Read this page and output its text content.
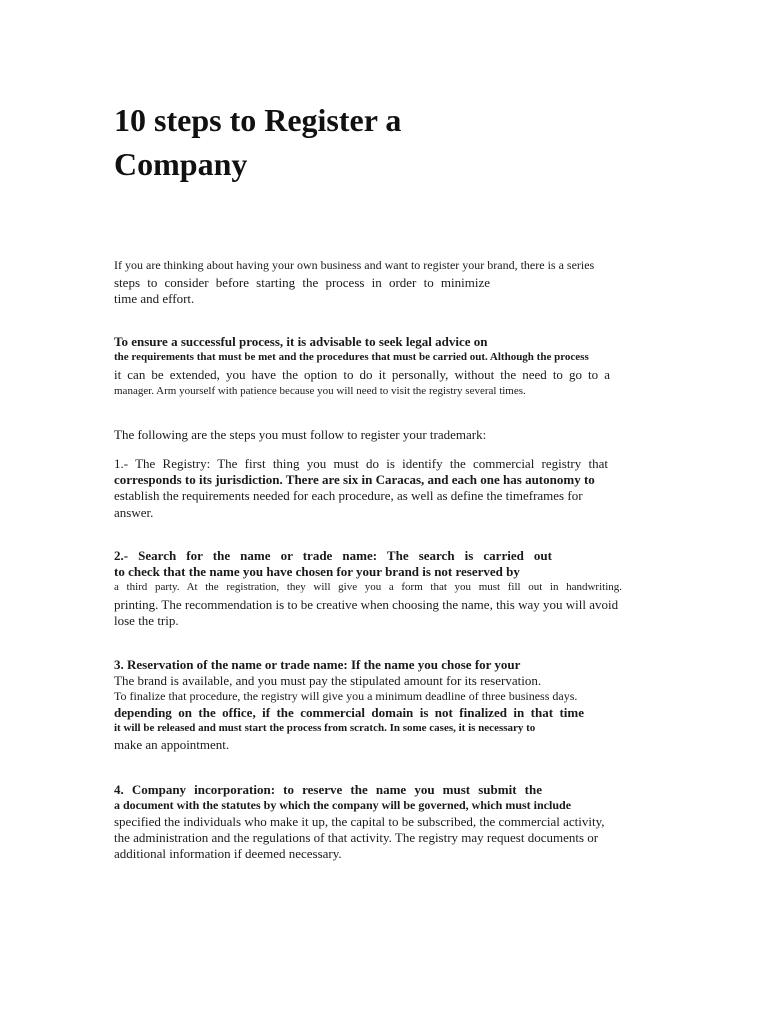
10 steps to Register a Company

If you are thinking about having your own business and want to register your brand, there is a series

steps to consider before starting the process in order to minimize

time and effort.

To ensure a successful process, it is advisable to seek legal advice on

the requirements that must be met and the procedures that must be carried out. Although the process

it can be extended, you have the option to do it personally, without the need to go to a

manager. Arm yourself with patience because you will need to visit the registry several times.

The following are the steps you must follow to register your trademark:

1.- The Registry: The first thing you must do is identify the commercial registry that

corresponds to its jurisdiction. There are six in Caracas, and each one has autonomy to

establish the requirements needed for each procedure, as well as define the timeframes for

answer.

2.- Search for the name or trade name: The search is carried out

to check that the name you have chosen for your brand is not reserved by

a third party. At the registration, they will give you a form that you must fill out in handwriting.

printing. The recommendation is to be creative when choosing the name, this way you will avoid

lose the trip.

3. Reservation of the name or trade name: If the name you chose for your

The brand is available, and you must pay the stipulated amount for its reservation.

To finalize that procedure, the registry will give you a minimum deadline of three business days.

depending on the office, if the commercial domain is not finalized in that time

it will be released and must start the process from scratch. In some cases, it is necessary to

make an appointment.

4. Company incorporation: to reserve the name you must submit the

a document with the statutes by which the company will be governed, which must include

specified the individuals who make it up, the capital to be subscribed, the commercial activity,

the administration and the regulations of that activity. The registry may request documents or

additional information if deemed necessary.
